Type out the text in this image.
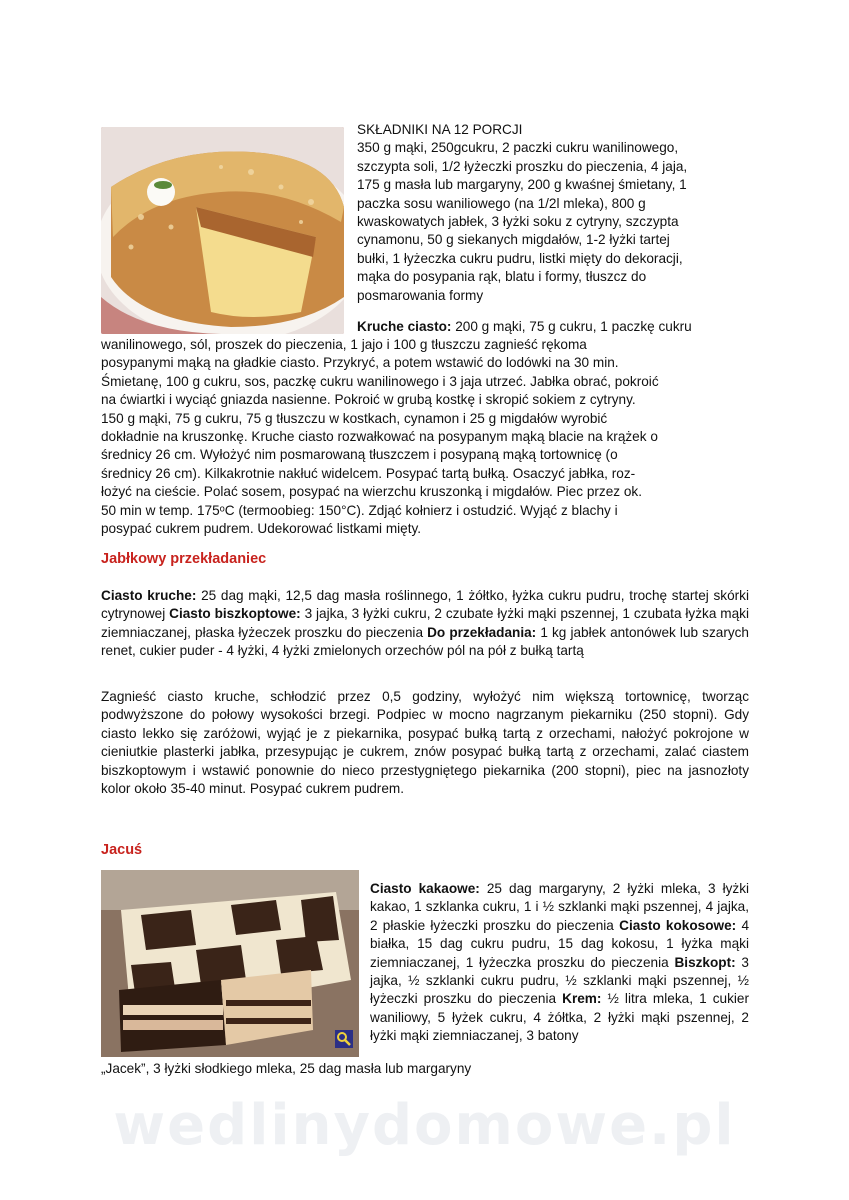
SKŁADNIKI NA 12 PORCJI
350 g mąki, 250gcukru, 2 paczki cukru wanilinowego,
szczypta soli, 1/2 łyżeczki proszku do pieczenia, 4 jaja,
175 g masła lub margaryny, 200 g kwaśnej śmietany, 1
paczka sosu waniliowego (na 1/2l mleka), 800 g
kwaskowatych jabłek, 3 łyżki soku z cytryny, szczypta
cynamonu, 50 g siekanych migdałów, 1-2 łyżki tartej
bułki, 1 łyżeczka cukru pudru, listki mięty do dekoracji,
mąka do posypania rąk, blatu i formy, tłuszcz do
posmarowania formy
Kruche ciasto: 200 g mąki, 75 g cukru, 1 paczkę cukru
wanilinowego, sól, proszek do pieczenia, 1 jajo i 100 g tłuszczu zagnieść rękoma
posypanymi mąką na gładkie ciasto. Przykryć, a potem wstawić do lodówki na 30 min.
Śmietanę, 100 g cukru, sos, paczkę cukru wanilinowego i 3 jaja utrzeć. Jabłka obrać, pokroić
na ćwiartki i wyciąć gniazda nasienne. Pokroić w grubą kostkę i skropić sokiem z cytryny.
150 g mąki, 75 g cukru, 75 g tłuszczu w kostkach, cynamon i 25 g migdałów wyrobić
dokładnie na kruszonkę. Kruche ciasto rozwałkować na posypanym mąką blacie na krążek o
średnicy 26 cm. Wyłożyć nim posmarowaną tłuszczem i posypaną mąką tortownicę (o
średnicy 26 cm). Kilkakrotnie nakłuć widelcem. Posypać tartą bułką. Osaczyć jabłka, roz-
łożyć na cieście. Polać sosem, posypać na wierzchu kruszonką i migdałów. Piec przez ok.
50 min w temp. 175ᵒC (termoobieg: 150°C). Zdjąć kołnierz i ostudzić. Wyjąć z blachy i
posypać cukrem pudrem. Udekorować listkami mięty.
Jabłkowy przekładaniec
Ciasto kruche: 25 dag mąki, 12,5 dag masła roślinnego, 1 żółtko, łyżka cukru pudru, trochę startej skórki cytrynowej Ciasto biszkoptowe: 3 jajka, 3 łyżki cukru, 2 czubate łyżki mąki pszennej, 1 czubata łyżka mąki ziemniaczanej, płaska łyżeczek proszku do pieczenia Do przekładania: 1 kg jabłek antonówek lub szarych renet, cukier puder - 4 łyżki, 4 łyżki zmielonych orzechów pól na pół z bułką tartą
Zagnieść ciasto kruche, schłodzić przez 0,5 godziny, wyłożyć nim większą tortownicę, tworząc podwyższone do połowy wysokości brzegi. Podpiec w mocno nagrzanym piekarniku (250 stopni). Gdy ciasto lekko się zaróżowi, wyjąć je z piekarnika, posypać bułką tartą z orzechami, nałożyć pokrojone w cieniutkie plasterki jabłka, przesypując je cukrem, znów posypać bułką tartą z orzechami, zalać ciastem biszkoptowym i wstawić ponownie do nieco przestygniętego piekarnika (200 stopni), piec na jasnozłoty kolor około 35-40 minut. Posypać cukrem pudrem.
Jacuś
Ciasto kakaowe: 25 dag margaryny, 2 łyżki mleka, 3 łyżki kakao, 1 szklanka cukru, 1 i ½ szklanki mąki pszennej, 4 jajka, 2 płaskie łyżeczki proszku do pieczenia Ciasto kokosowe: 4 białka, 15 dag cukru pudru, 15 dag kokosu, 1 łyżka mąki ziemniaczanej, 1 łyżeczka proszku do pieczenia Biszkopt: 3 jajka, ½ szklanki cukru pudru, ½ szklanki mąki pszennej, ½ łyżeczki proszku do pieczenia Krem: ½ litra mleka, 1 cukier waniliowy, 5 łyżek cukru, 4 żółtka, 2 łyżki mąki pszennej, 2 łyżki mąki ziemniaczanej, 3 batony
„Jacek”, 3 łyżki słodkiego mleka, 25 dag masła lub margaryny
wedlinydomowe.pl
